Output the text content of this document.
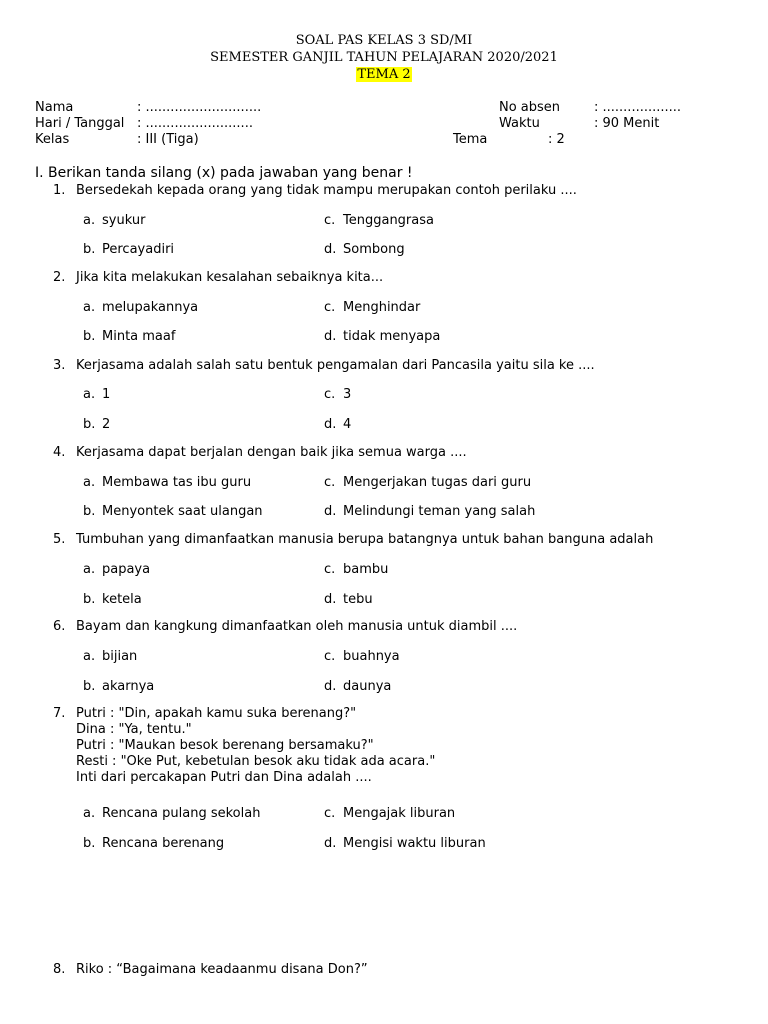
SOAL PAS KELAS 3 SD/MI
SEMESTER GANJIL TAHUN PELAJARAN 2020/2021
TEMA 2
Nama	: ............................
Hari / Tanggal : ..........................
Kelas	: III (Tiga)
No absen	: ...................
Waktu	: 90 Menit
Tema	: 2
I. Berikan tanda silang (x) pada jawaban yang benar !
1. Bersedekah kepada orang yang tidak mampu merupakan contoh perilaku ....
a. syukur
b. Percayadiri
c. Tenggangrasa
d. Sombong
2. Jika kita melakukan kesalahan sebaiknya kita...
a. melupakannya
b. Minta maaf
c. Menghindar
d. tidak menyapa
3. Kerjasama adalah salah satu bentuk pengamalan dari Pancasila yaitu sila ke ....
a. 1
b. 2
c. 3
d. 4
4. Kerjasama dapat berjalan dengan baik jika semua warga ....
a. Membawa tas ibu guru
b. Menyontek saat ulangan
c. Mengerjakan tugas dari guru
d. Melindungi teman yang salah
5. Tumbuhan yang dimanfaatkan manusia berupa batangnya untuk bahan banguna adalah
a. papaya
b. ketela
c. bambu
d. tebu
6. Bayam dan kangkung dimanfaatkan oleh manusia untuk diambil ....
a. bijian
b. akarnya
c. buahnya
d. daunya
7. Putri : "Din, apakah kamu suka berenang?"
Dina : "Ya, tentu."
Putri : "Maukan besok berenang bersamaku?"
Resti : "Oke Put, kebetulan besok aku tidak ada acara."
Inti dari percakapan Putri dan Dina adalah ....
a. Rencana pulang sekolah
b. Rencana berenang
c. Mengajak liburan
d. Mengisi waktu liburan
8. Riko : “Bagaimana keadaanmu disana Don?”
